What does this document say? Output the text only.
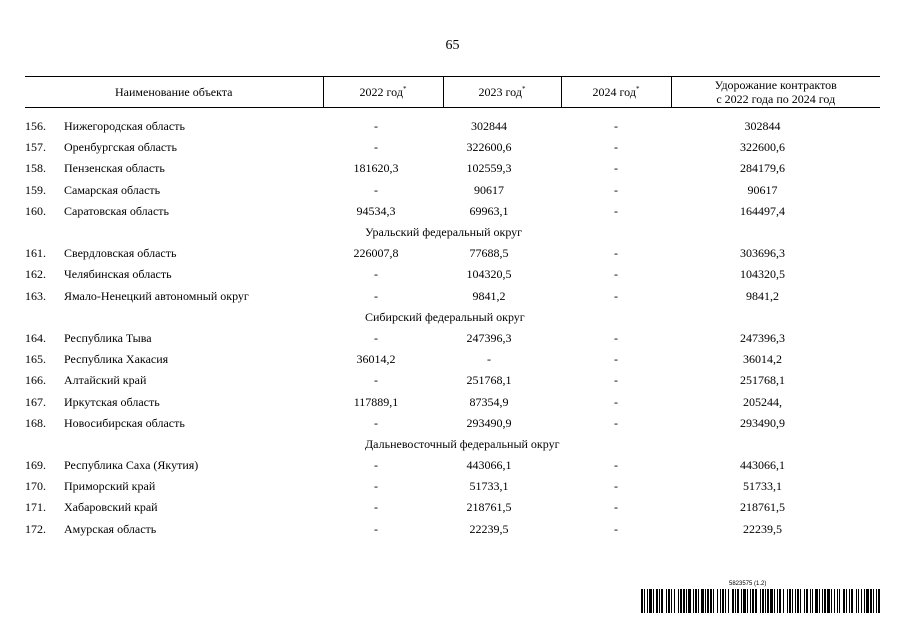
65
Наименование объекта	2022 год*	2023 год*	2024 год*	Удорожание контрактов
с 2022 года по 2024 год

156. Нижегородская область	-	302844	-	302844
157. Оренбургская область	-	322600,6	-	322600,6
158. Пензенская область	181620,3	102559,3	-	284179,6
159. Самарская область	-	90617	-	90617
160. Саратовская область	94534,3	69963,1	-	164497,4
Уральский федеральный округ				
161. Свердловская область	226007,8	77688,5	-	303696,3
162. Челябинская область	-	104320,5	-	104320,5
163. Ямало-Ненецкий автономный округ	-	9841,2	-	9841,2
Сибирский федеральный округ				
164. Республика Тыва	-	247396,3	-	247396,3
165. Республика Хакасия	36014,2	-	-	36014,2
166. Алтайский край	-	251768,1	-	251768,1
167. Иркутская область	117889,1	87354,9	-	205244,
168. Новосибирская область	-	293490,9	-	293490,9
Дальневосточный федеральный округ				
169. Республика Саха (Якутия)	-	443066,1	-	443066,1
170. Приморский край	-	51733,1	-	51733,1
171. Хабаровский край	-	218761,5	-	218761,5
172. Амурская область	-	22239,5	-	22239,5
5823575 (1.2)
